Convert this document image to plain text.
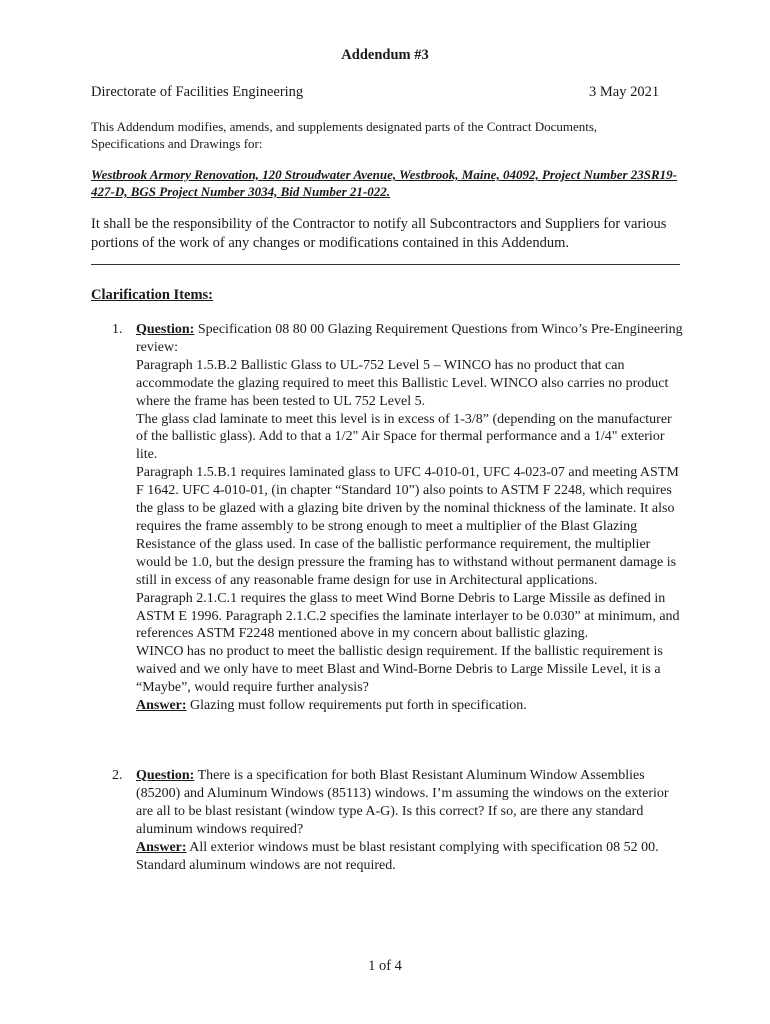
Addendum #3
Directorate of Facilities Engineering	3 May 2021
This Addendum modifies, amends, and supplements designated parts of the Contract Documents, Specifications and Drawings for:
Westbrook Armory Renovation, 120 Stroudwater Avenue, Westbrook, Maine, 04092, Project Number 23SR19-427-D, BGS Project Number 3034, Bid Number 21-022.
It shall be the responsibility of the Contractor to notify all Subcontractors and Suppliers for various portions of the work of any changes or modifications contained in this Addendum.
Clarification Items:
1. Question: Specification 08 80 00 Glazing Requirement Questions from Winco’s Pre-Engineering review:

Paragraph 1.5.B.2 Ballistic Glass to UL-752 Level 5 – WINCO has no product that can accommodate the glazing required to meet this Ballistic Level. WINCO also carries no product where the frame has been tested to UL 752 Level 5.

The glass clad laminate to meet this level is in excess of 1-3/8” (depending on the manufacturer of the ballistic glass). Add to that a 1/2" Air Space for thermal performance and a 1/4" exterior lite.

Paragraph 1.5.B.1 requires laminated glass to UFC 4-010-01, UFC 4-023-07 and meeting ASTM F 1642. UFC 4-010-01, (in chapter “Standard 10”) also points to ASTM F 2248, which requires the glass to be glazed with a glazing bite driven by the nominal thickness of the laminate. It also requires the frame assembly to be strong enough to meet a multiplier of the Blast Glazing Resistance of the glass used. In case of the ballistic performance requirement, the multiplier would be 1.0, but the design pressure the framing has to withstand without permanent damage is still in excess of any reasonable frame design for use in Architectural applications.

Paragraph 2.1.C.1 requires the glass to meet Wind Borne Debris to Large Missile as defined in ASTM E 1996. Paragraph 2.1.C.2 specifies the laminate interlayer to be 0.030” at minimum, and references ASTM F2248 mentioned above in my concern about ballistic glazing.

WINCO has no product to meet the ballistic design requirement. If the ballistic requirement is waived and we only have to meet Blast and Wind-Borne Debris to Large Missile Level, it is a “Maybe”, would require further analysis?

Answer: Glazing must follow requirements put forth in specification.

2. Question: There is a specification for both Blast Resistant Aluminum Window Assemblies (85200) and Aluminum Windows (85113) windows. I’m assuming the windows on the exterior are all to be blast resistant (window type A-G). Is this correct? If so, are there any standard aluminum windows required?

Answer: All exterior windows must be blast resistant complying with specification 08 52 00. Standard aluminum windows are not required.

1 of 4
